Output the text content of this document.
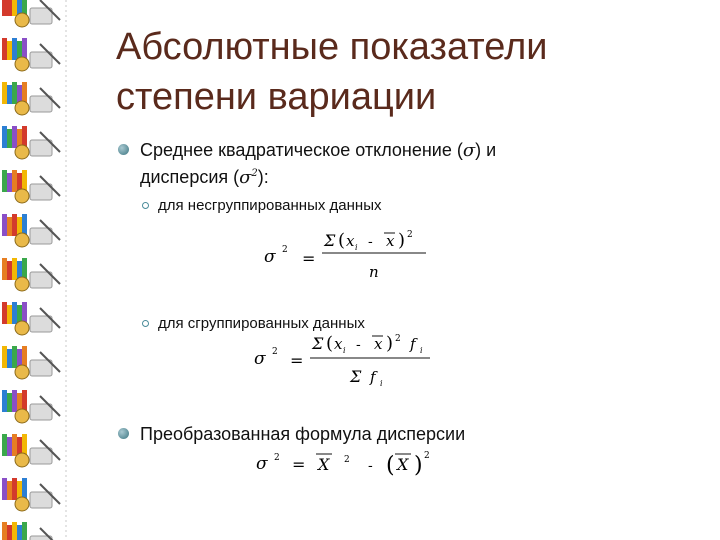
Абсолютные показатели
степени вариации
Среднее квадратическое отклонение (σ) и
дисперсия $(\sigma^2)$:
для несгруппированных данных
σ 2 =
Σ ( x i - x ) 2
n
для сгруппированных данных
σ 2 =
Σ ( x i - x ) 2 f i
Σ f i
Преобразованная формула дисперсии
σ 2 = X 2 - ( X ) 2
